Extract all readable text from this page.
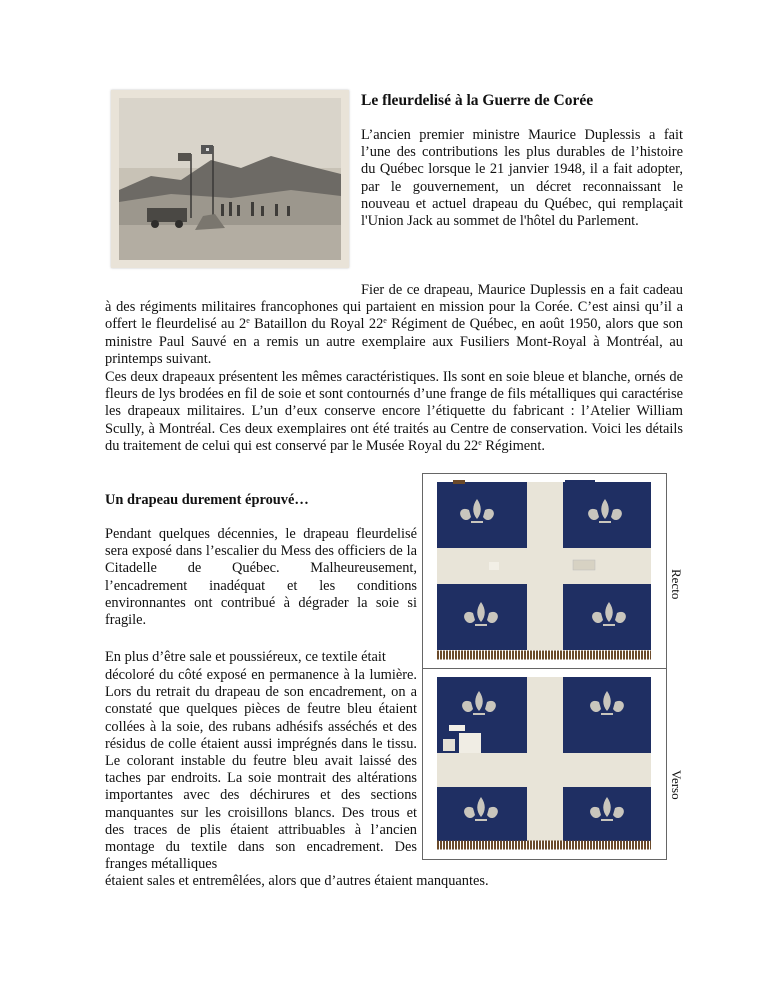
Le fleurdelisé à la Guerre de Corée

L’ancien premier ministre Maurice Duplessis a fait l’une des contributions les plus durables de l’histoire du Québec lorsque le 21 janvier 1948, il a fait adopter, par le gouvernement, un décret reconnaissant le nouveau et actuel drapeau du Québec, qui remplaçait l'Union Jack au sommet de l'hôtel du Parlement.

Fier de ce drapeau, Maurice Duplessis en a fait cadeau à des régiments militaires francophones qui partaient en mission pour la Corée. C’est ainsi qu’il a offert le fleurdelisé au 2e Bataillon du Royal 22e Régiment de Québec, en août 1950, alors que son ministre Paul Sauvé en a remis un autre exemplaire aux Fusiliers Mont-Royal à Montréal, au printemps suivant.

Ces deux drapeaux présentent les mêmes caractéristiques. Ils sont en soie bleue et blanche, ornés de fleurs de lys brodées en fil de soie et sont contournés d’une frange de fils métalliques qui caractérise les drapeaux militaires. L’un d’eux conserve encore l’étiquette du fabricant : l’Atelier William Scully, à Montréal. Ces deux exemplaires ont été traités au Centre de conservation. Voici les détails du traitement de celui qui est conservé par le Musée Royal du 22e Régiment.

Un drapeau durement éprouvé…

Pendant quelques décennies, le drapeau fleurdelisé sera exposé dans l’escalier du Mess des officiers de la Citadelle de Québec. Malheureusement, l’encadrement inadéquat et les conditions environnantes ont contribué à dégrader la soie si fragile.

En plus d’être sale et poussiéreux, ce textile était

décoloré du côté exposé en permanence à la lumière. Lors du retrait du drapeau de son encadrement, on a constaté que quelques pièces de feutre bleu étaient collées à la soie, des rubans adhésifs asséchés et des résidus de colle étaient aussi imprégnés dans le tissu. Le colorant instable du feutre bleu avait laissé des taches par endroits. La soie montrait des altérations importantes avec des déchirures et des sections manquantes sur les croisillons blancs. Des trous et des traces de plis étaient attribuables à l’ancien montage du textile dans son encadrement. Des franges métalliques

étaient sales et entremêlées, alors que d’autres étaient manquantes.

Recto
Verso
